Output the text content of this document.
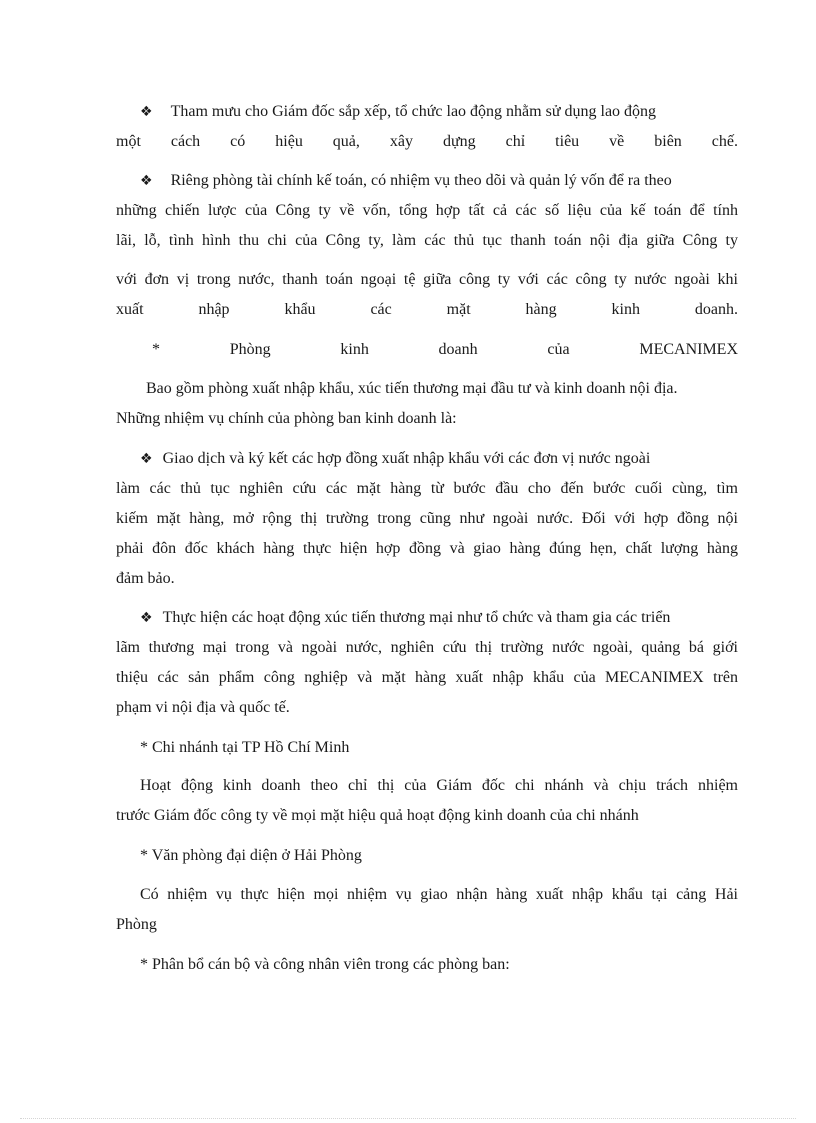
❖ Tham mưu cho Giám đốc sắp xếp, tổ chức lao động nhằm sử dụng lao động
một cách có hiệu quả, xây dựng chỉ tiêu về biên chế.
❖ Riêng phòng tài chính kế toán, có nhiệm vụ theo dõi và quản lý vốn để ra theo
những chiến lược của Công ty về vốn, tổng hợp tất cả các số liệu của kế toán để tính
lãi, lỗ, tình hình thu chi của Công ty, làm các thủ tục thanh toán nội địa giữa Công ty
với đơn vị trong nước, thanh toán ngoại tệ giữa công ty với các công ty nước ngoài khi
xuất nhập khẩu các mặt hàng kinh doanh.
* Phòng kinh doanh của MECANIMEX
Bao gồm phòng xuất nhập khẩu, xúc tiến thương mại đầu tư và kinh doanh nội địa.
Những nhiệm vụ chính của phòng ban kinh doanh là:
❖ Giao dịch và ký kết các hợp đồng xuất nhập khẩu với các đơn vị nước ngoài
làm các thủ tục nghiên cứu các mặt hàng từ bước đầu cho đến bước cuối cùng, tìm
kiếm mặt hàng, mở rộng thị trường trong cũng như ngoài nước. Đối với hợp đồng nội
phải đôn đốc khách hàng thực hiện hợp đồng và giao hàng đúng hẹn, chất lượng hàng
đảm bảo.
❖ Thực hiện các hoạt động xúc tiến thương mại như tổ chức và tham gia các triển
lãm thương mại trong và ngoài nước, nghiên cứu thị trường nước ngoài, quảng bá giới
thiệu các sản phẩm công nghiệp và mặt hàng xuất nhập khẩu của MECANIMEX trên
phạm vi nội địa và quốc tế.
* Chi nhánh tại TP Hồ Chí Minh
Hoạt động kinh doanh theo chỉ thị của Giám đốc chi nhánh và chịu trách nhiệm
trước Giám đốc công ty về mọi mặt hiệu quả hoạt động kinh doanh của chi nhánh
* Văn phòng đại diện ở Hải Phòng
Có nhiệm vụ thực hiện mọi nhiệm vụ giao nhận hàng xuất nhập khẩu tại cảng Hải
Phòng
* Phân bổ cán bộ và công nhân viên trong các phòng ban:
